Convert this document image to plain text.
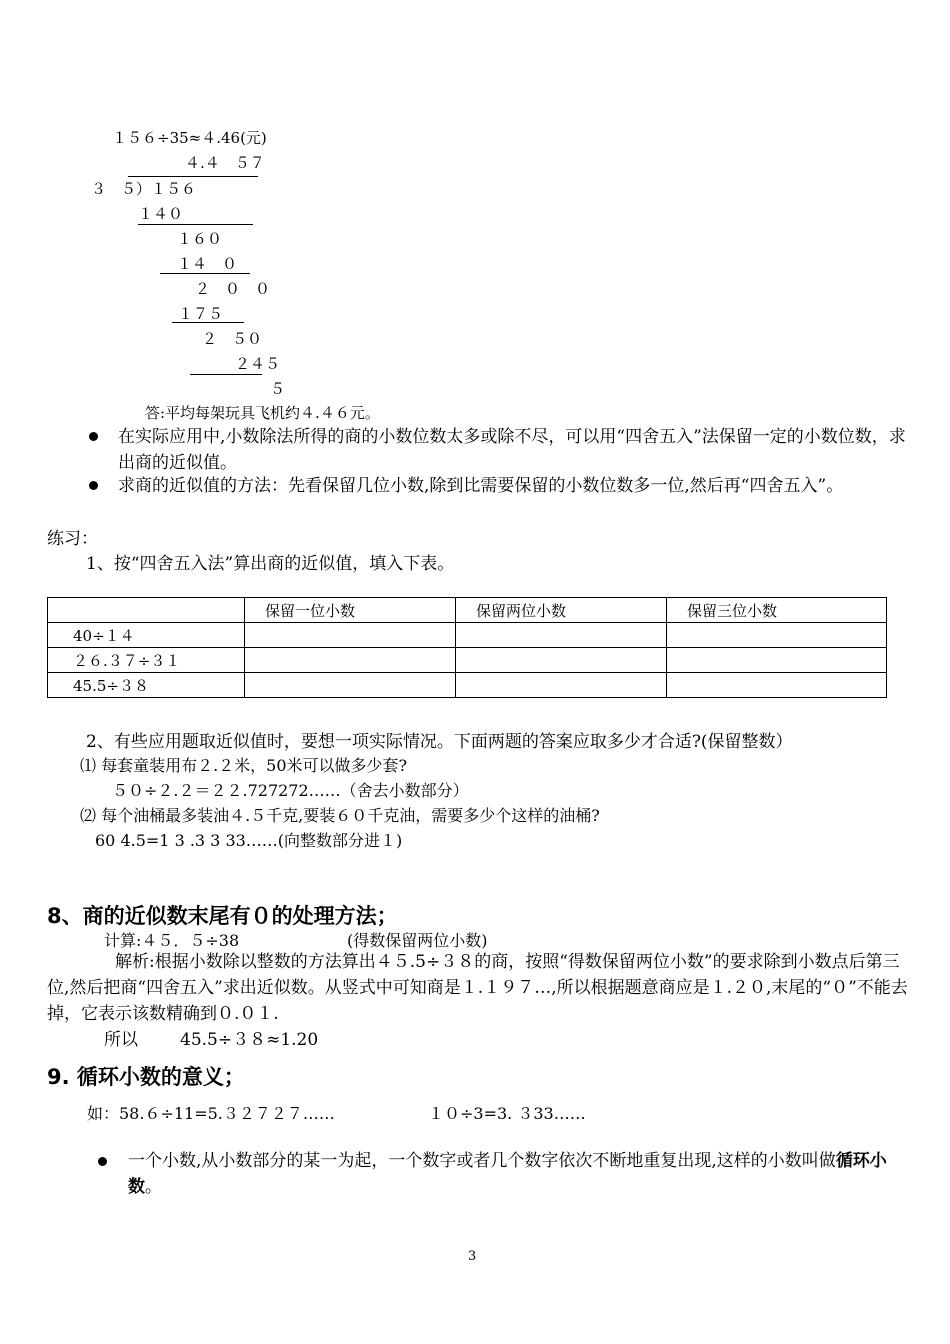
１５６÷35≈４.46(元)
４.４　５７
３　５）１５６
１４０
１６０
１４　０
２　０　０
１７５
２　５０
２４５
５
答:平均每架玩具飞机约４.４６元。
在实际应用中,小数除法所得的商的小数位数太多或除不尽，可以用“四舍五入”法保留一定的小数位数，求出商的近似值。
求商的近似值的方法：先看保留几位小数,除到比需要保留的小数位数多一位,然后再“四舍五入”。
练习：
1、按“四舍五入法”算出商的近似值，填入下表。
	保留一位小数	保留两位小数	保留三位小数
40÷１４			
２６.３７÷３１			
45.5÷３８			
2、有些应用题取近似值时，要想一项实际情况。下面两题的答案应取多少才合适?(保留整数）
⑴ 每套童装用布２.２米，50米可以做多少套?
５０÷２.２＝２２.727272……（舍去小数部分）
⑵ 每个油桶最多装油４.５千克,要装６０千克油，需要多少个这样的油桶?
60 4.5=1 3 .3 3 33……(向整数部分进１)
8、商的近似数末尾有０的处理方法；
计算:４５．５÷38	(得数保留两位小数)
解析:根据小数除以整数的方法算出４５.5÷３８的商，按照“得数保留两位小数”的要求除到小数点后第三位,然后把商“四舍五入”求出近似数。从竖式中可知商是１.１９７…,所以根据题意商应是１.２０,末尾的“０”不能去掉，它表示该数精确到０.０１.
所以 45.5÷３８≈1.20
9. 循环小数的意义；
如：58.６÷11=5.３２７２７……	１０÷3=3. ３33……
一个小数,从小数部分的某一为起，一个数字或者几个数字依次不断地重复出现,这样的小数叫做循环小数。
3
